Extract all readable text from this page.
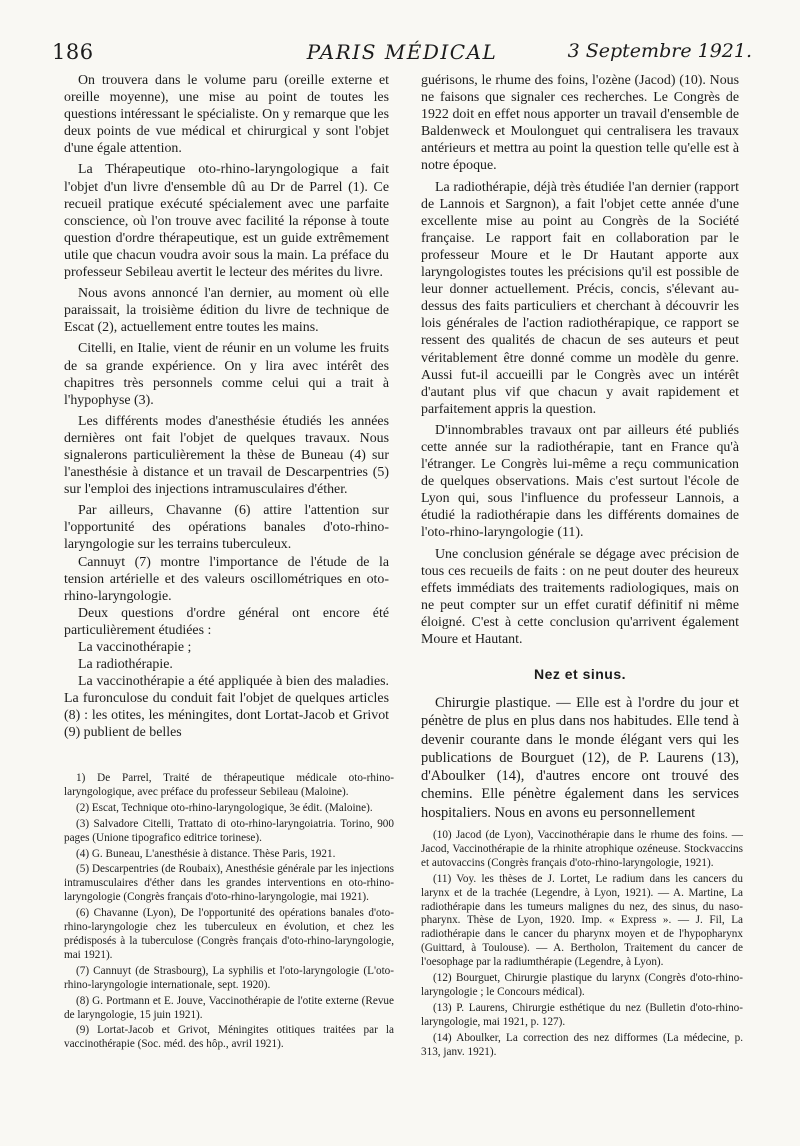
186	PARIS MÉDICAL	3 Septembre 1921.

On trouvera dans le volume paru (oreille externe et oreille moyenne), une mise au point de toutes les questions intéressant le spécialiste. On y remarque que les deux points de vue médical et chirurgical y sont l'objet d'une égale attention.

La Thérapeutique oto-rhino-laryngologique a fait l'objet d'un livre d'ensemble dû au Dr de Parrel (1). Ce recueil pratique exécuté spécialement avec une parfaite conscience, où l'on trouve avec facilité la réponse à toute question d'ordre thérapeutique, est un guide extrêmement utile que chacun voudra avoir sous la main. La préface du professeur Sebileau avertit le lecteur des mérites du livre.

Nous avons annoncé l'an dernier, au moment où elle paraissait, la troisième édition du livre de technique de Escat (2), actuellement entre toutes les mains.

Citelli, en Italie, vient de réunir en un volume les fruits de sa grande expérience. On y lira avec intérêt des chapitres très personnels comme celui qui a trait à l'hypophyse (3).

Les différents modes d'anesthésie étudiés les années dernières ont fait l'objet de quelques travaux. Nous signalerons particulièrement la thèse de Buneau (4) sur l'anesthésie à distance et un travail de Descarpentries (5) sur l'emploi des injections intramusculaires d'éther.

Par ailleurs, Chavanne (6) attire l'attention sur l'opportunité des opérations banales d'oto-rhino-laryngologie sur les terrains tuberculeux.

Cannuyt (7) montre l'importance de l'étude de la tension artérielle et des valeurs oscillométriques en oto-rhino-laryngologie.

Deux questions d'ordre général ont encore été particulièrement étudiées :

La vaccinothérapie ;

La radiothérapie.

La vaccinothérapie a été appliquée à bien des maladies. La furonculose du conduit fait l'objet de quelques articles (8) : les otites, les méningites, dont Lortat-Jacob et Grivot (9) publient de belles

1) De Parrel, Traité de thérapeutique médicale oto-rhino-laryngologique, avec préface du professeur Sebileau (Maloine).

(2) Escat, Technique oto-rhino-laryngologique, 3e édit. (Maloine).

(3) Salvadore Citelli, Trattato di oto-rhino-laryngoiatria. Torino, 900 pages (Unione tipografico editrice torinese).

(4) G. Buneau, L'anesthésie à distance. Thèse Paris, 1921.

(5) Descarpentries (de Roubaix), Anesthésie générale par les injections intramusculaires d'éther dans les grandes interventions en oto-rhino-laryngologie (Congrès français d'oto-rhino-laryngologie, mai 1921).

(6) Chavanne (Lyon), De l'opportunité des opérations banales d'oto-rhino-laryngologie chez les tuberculeux en évolution, et chez les prédisposés à la tuberculose (Congrès français d'oto-rhino-laryngologie, mai 1921).

(7) Cannuyt (de Strasbourg), La syphilis et l'oto-laryngologie (L'oto-rhino-laryngologie internationale, sept. 1920).

(8) G. Portmann et E. Jouve, Vaccinothérapie de l'otite externe (Revue de laryngologie, 15 juin 1921).

(9) Lortat-Jacob et Grivot, Méningites otitiques traitées par la vaccinothérapie (Soc. méd. des hôp., avril 1921).

guérisons, le rhume des foins, l'ozène (Jacod) (10). Nous ne faisons que signaler ces recherches. Le Congrès de 1922 doit en effet nous apporter un travail d'ensemble de Baldenweck et Moulonguet qui centralisera les travaux antérieurs et mettra au point la question telle qu'elle est à notre époque.

La radiothérapie, déjà très étudiée l'an dernier (rapport de Lannois et Sargnon), a fait l'objet cette année d'une excellente mise au point au Congrès de la Société française. Le rapport fait en collaboration par le professeur Moure et le Dr Hautant apporte aux laryngologistes toutes les précisions qu'il est possible de leur donner actuellement. Précis, concis, s'élevant au-dessus des faits particuliers et cherchant à découvrir les lois générales de l'action radiothérapique, ce rapport se ressent des qualités de chacun de ses auteurs et peut véritablement être donné comme un modèle du genre. Aussi fut-il accueilli par le Congrès avec un intérêt d'autant plus vif que chacun y avait rapidement et parfaitement appris la question.

D'innombrables travaux ont par ailleurs été publiés cette année sur la radiothérapie, tant en France qu'à l'étranger. Le Congrès lui-même a reçu communication de quelques observations. Mais c'est surtout l'école de Lyon qui, sous l'influence du professeur Lannois, a étudié la radiothérapie dans les différents domaines de l'oto-rhino-laryngologie (11).

Une conclusion générale se dégage avec précision de tous ces recueils de faits : on ne peut douter des heureux effets immédiats des traitements radiologiques, mais on ne peut compter sur un effet curatif définitif ni même éloigné. C'est à cette conclusion qu'arrivent également Moure et Hautant.

Nez et sinus.

Chirurgie plastique. — Elle est à l'ordre du jour et pénètre de plus en plus dans nos habitudes. Elle tend à devenir courante dans le monde élégant vers qui les publications de Bourguet (12), de P. Laurens (13), d'Aboulker (14), d'autres encore ont trouvé des chemins. Elle pénètre également dans les services hospitaliers. Nous en avons eu personnellement

(10) Jacod (de Lyon), Vaccinothérapie dans le rhume des foins. — Jacod, Vaccinothérapie de la rhinite atrophique ozéneuse. Stockvaccins et autovaccins (Congrès français d'oto-rhino-laryngologie, 1921).

(11) Voy. les thèses de J. Lortet, Le radium dans les cancers du larynx et de la trachée (Legendre, à Lyon, 1921). — A. Martine, La radiothérapie dans les tumeurs malignes du nez, des sinus, du naso-pharynx. Thèse de Lyon, 1920. Imp. « Express ». — J. Fil, La radiothérapie dans le cancer du pharynx moyen et de l'hypopharynx (Guittard, à Toulouse). — A. Bertholon, Traitement du cancer de l'oesophage par la radiumthérapie (Legendre, à Lyon).

(12) Bourguet, Chirurgie plastique du larynx (Congrès d'oto-rhino-laryngologie ; le Concours médical).

(13) P. Laurens, Chirurgie esthétique du nez (Bulletin d'oto-rhino-laryngologie, mai 1921, p. 127).

(14) Aboulker, La correction des nez difformes (La médecine, p. 313, janv. 1921).
